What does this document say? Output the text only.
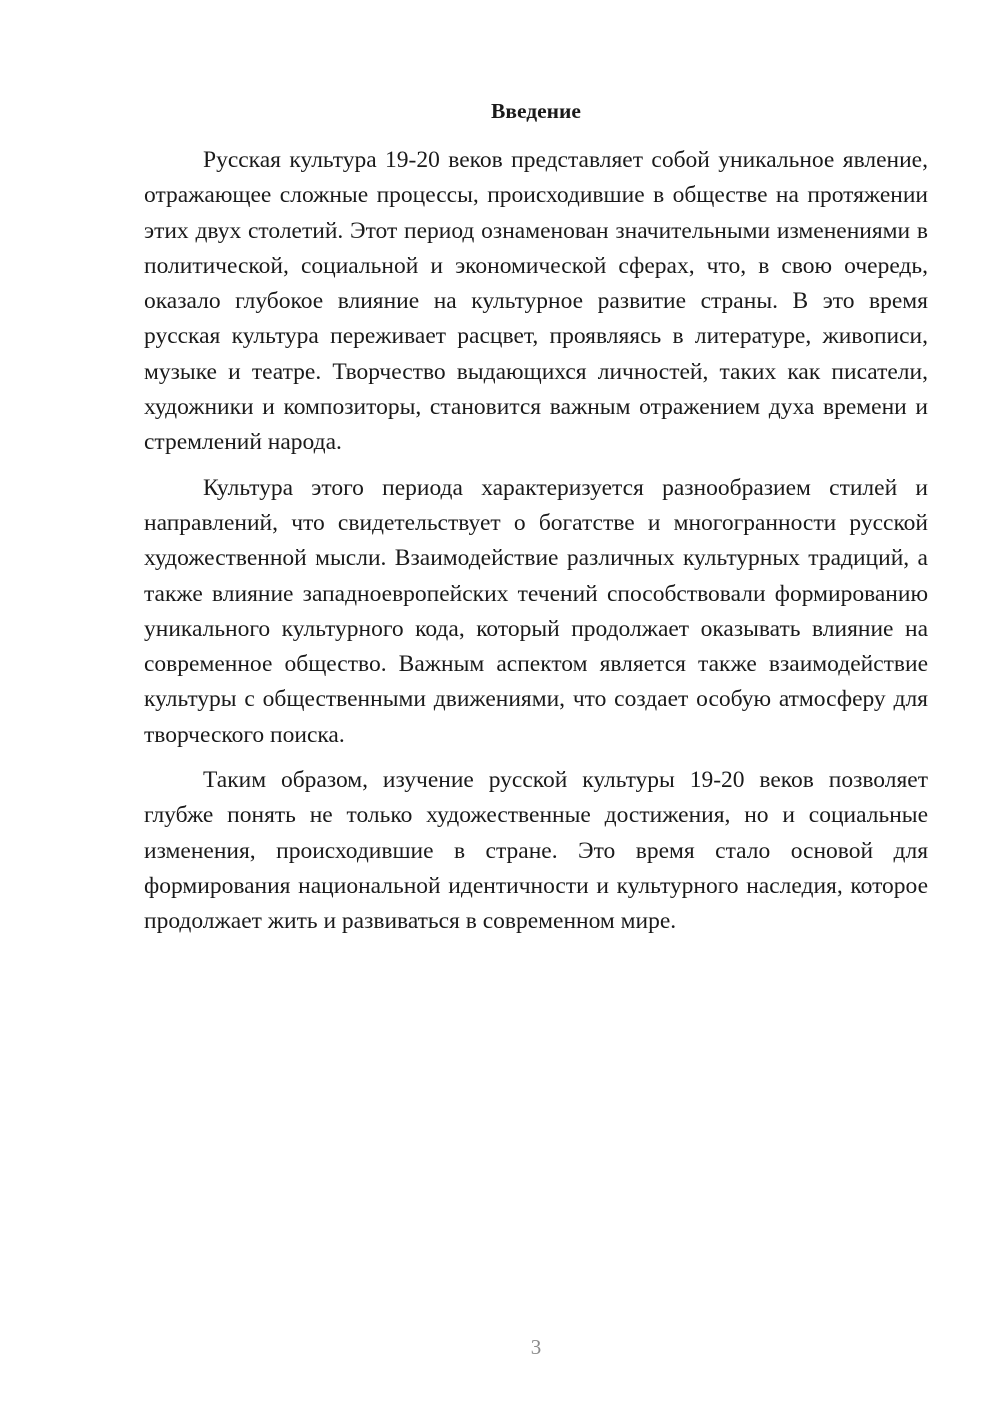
Введение

Русская культура 19-20 веков представляет собой уникальное явление, отражающее сложные процессы, происходившие в обществе на протяжении этих двух столетий. Этот период ознаменован значительными изменениями в политической, социальной и экономической сферах, что, в свою очередь, оказало глубокое влияние на культурное развитие страны. В это время русская культура переживает расцвет, проявляясь в литературе, живописи, музыке и театре. Творчество выдающихся личностей, таких как писатели, художники и композиторы, становится важным отражением духа времени и стремлений народа.

Культура этого периода характеризуется разнообразием стилей и направлений, что свидетельствует о богатстве и многогранности русской художественной мысли. Взаимодействие различных культурных традиций, а также влияние западноевропейских течений способствовали формированию уникального культурного кода, который продолжает оказывать влияние на современное общество. Важным аспектом является также взаимодействие культуры с общественными движениями, что создает особую атмосферу для творческого поиска.

Таким образом, изучение русской культуры 19-20 веков позволяет глубже понять не только художественные достижения, но и социальные изменения, происходившие в стране. Это время стало основой для формирования национальной идентичности и культурного наследия, которое продолжает жить и развиваться в современном мире.

3
